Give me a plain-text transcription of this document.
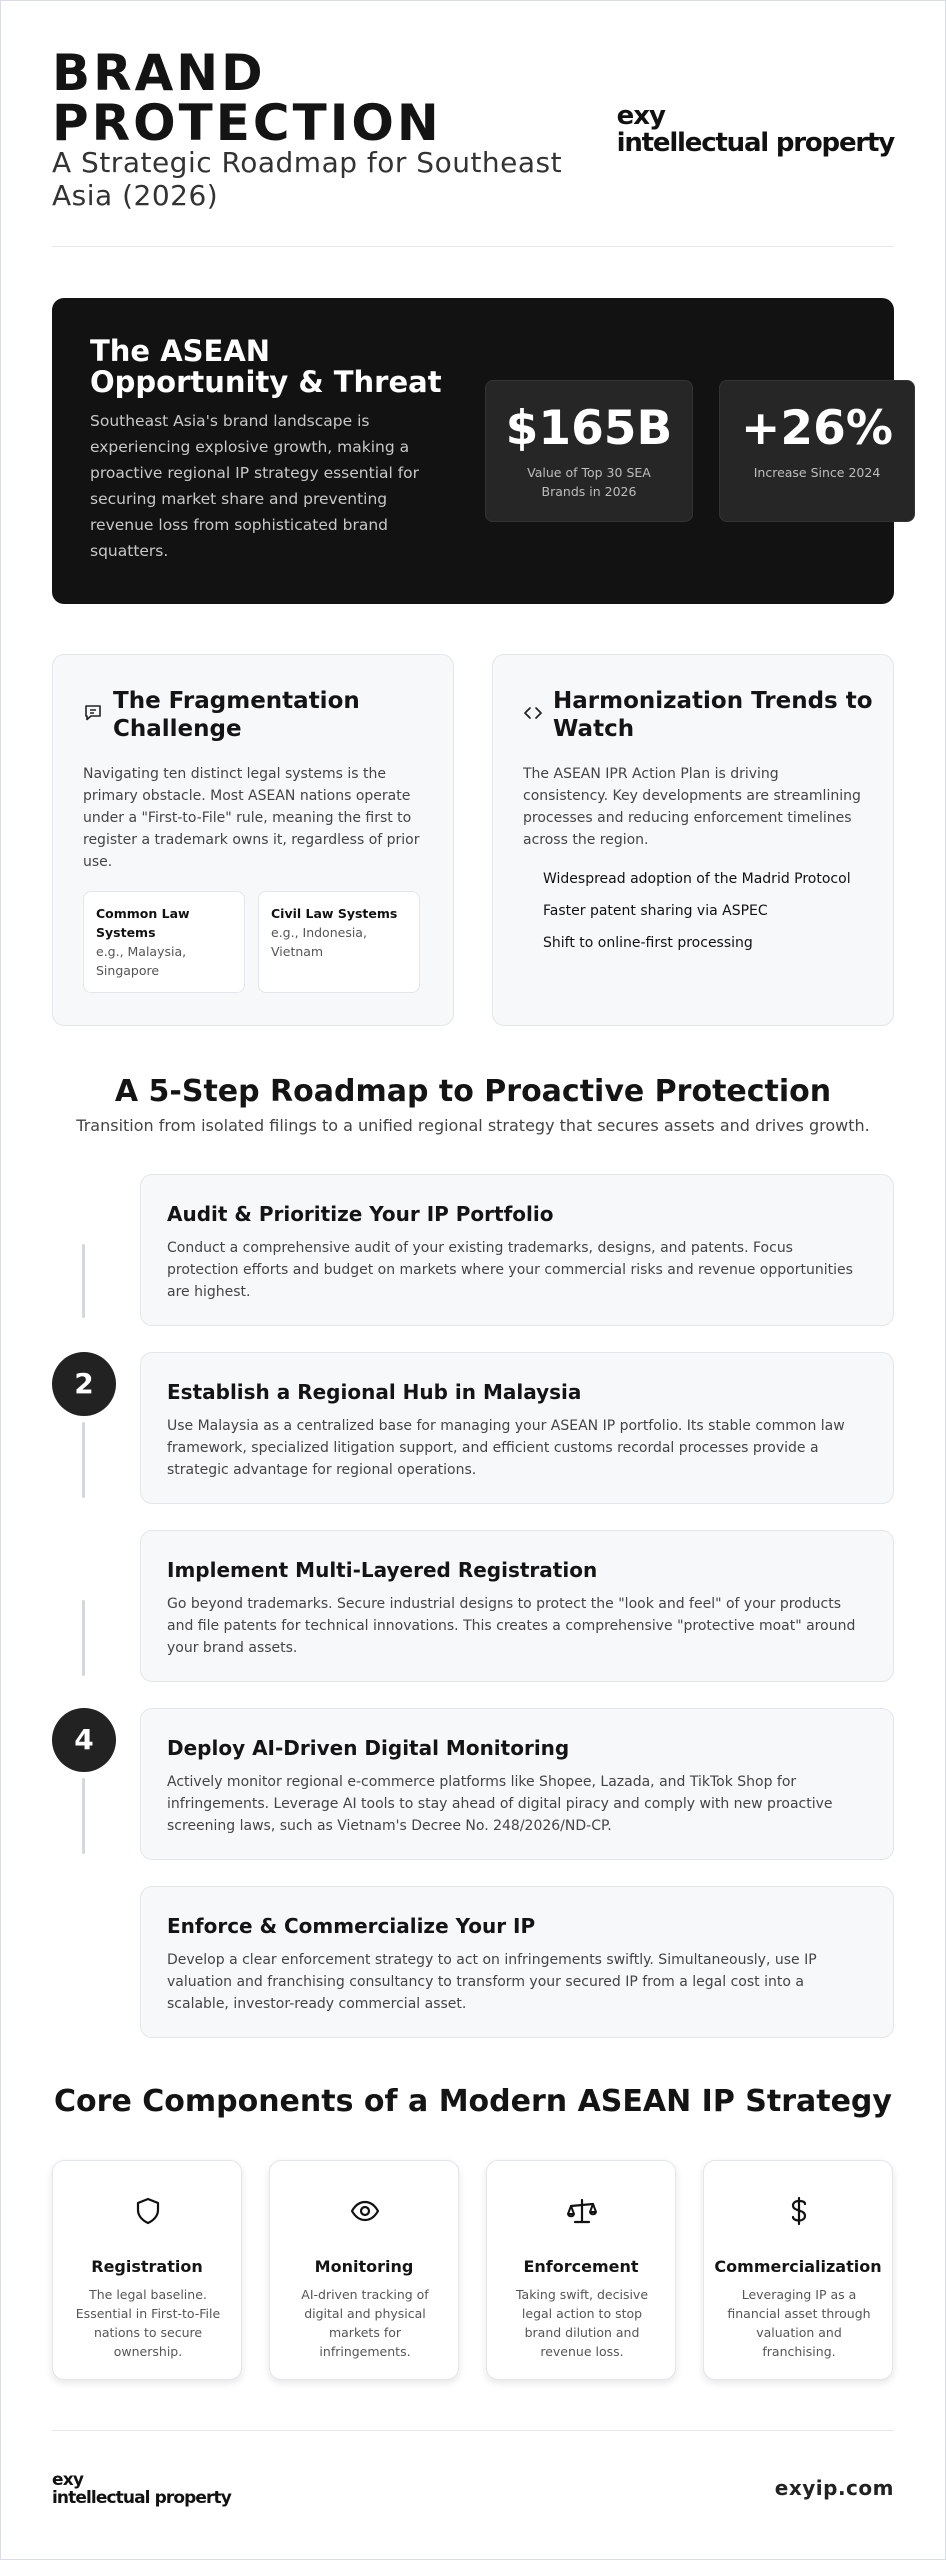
BRAND PROTECTION
A Strategic Roadmap for Southeast Asia (2026)
exy
intellectual property
The ASEAN Opportunity & Threat

Southeast Asia's brand landscape is experiencing explosive growth, making a proactive regional IP strategy essential for securing market share and preventing revenue loss from sophisticated brand squatters.

$165B
Value of Top 30 SEA Brands in 2026
+26%
Increase Since 2024
The Fragmentation Challenge
Navigating ten distinct legal systems is the primary obstacle. Most ASEAN nations operate under a "First-to-File" rule, meaning the first to register a trademark owns it, regardless of prior use.
Common Law Systems
e.g., Malaysia, Singapore
Civil Law Systems
e.g., Indonesia, Vietnam
Harmonization Trends to Watch
The ASEAN IPR Action Plan is driving consistency. Key developments are streamlining processes and reducing enforcement timelines across the region.
Widespread adoption of the Madrid Protocol
Faster patent sharing via ASPEC
Shift to online-first processing
A 5-Step Roadmap to Proactive Protection
Transition from isolated filings to a unified regional strategy that secures assets and drives growth.
Audit & Prioritize Your IP Portfolio

Conduct a comprehensive audit of your existing trademarks, designs, and patents. Focus protection efforts and budget on markets where your commercial risks and revenue opportunities are highest.

2	Establish a Regional Hub in Malaysia

Use Malaysia as a centralized base for managing your ASEAN IP portfolio. Its stable common law framework, specialized litigation support, and efficient customs recordal processes provide a strategic advantage for regional operations.

Implement Multi-Layered Registration

Go beyond trademarks. Secure industrial designs to protect the "look and feel" of your products and file patents for technical innovations. This creates a comprehensive "protective moat" around your brand assets.

4	Deploy AI-Driven Digital Monitoring

Actively monitor regional e-commerce platforms like Shopee, Lazada, and TikTok Shop for infringements. Leverage AI tools to stay ahead of digital piracy and comply with new proactive screening laws, such as Vietnam's Decree No. 248/2026/ND-CP.

Enforce & Commercialize Your IP

Develop a clear enforcement strategy to act on infringements swiftly. Simultaneously, use IP valuation and franchising consultancy to transform your secured IP from a legal cost into a scalable, investor-ready commercial asset.

Core Components of a Modern ASEAN IP Strategy
Registration
The legal baseline. Essential in First-to-File nations to secure ownership.
Monitoring
AI-driven tracking of digital and physical markets for infringements.
Enforcement
Taking swift, decisive legal action to stop brand dilution and revenue loss.
Commercialization
Leveraging IP as a financial asset through valuation and franchising.
exy
intellectual property	exyip.com
